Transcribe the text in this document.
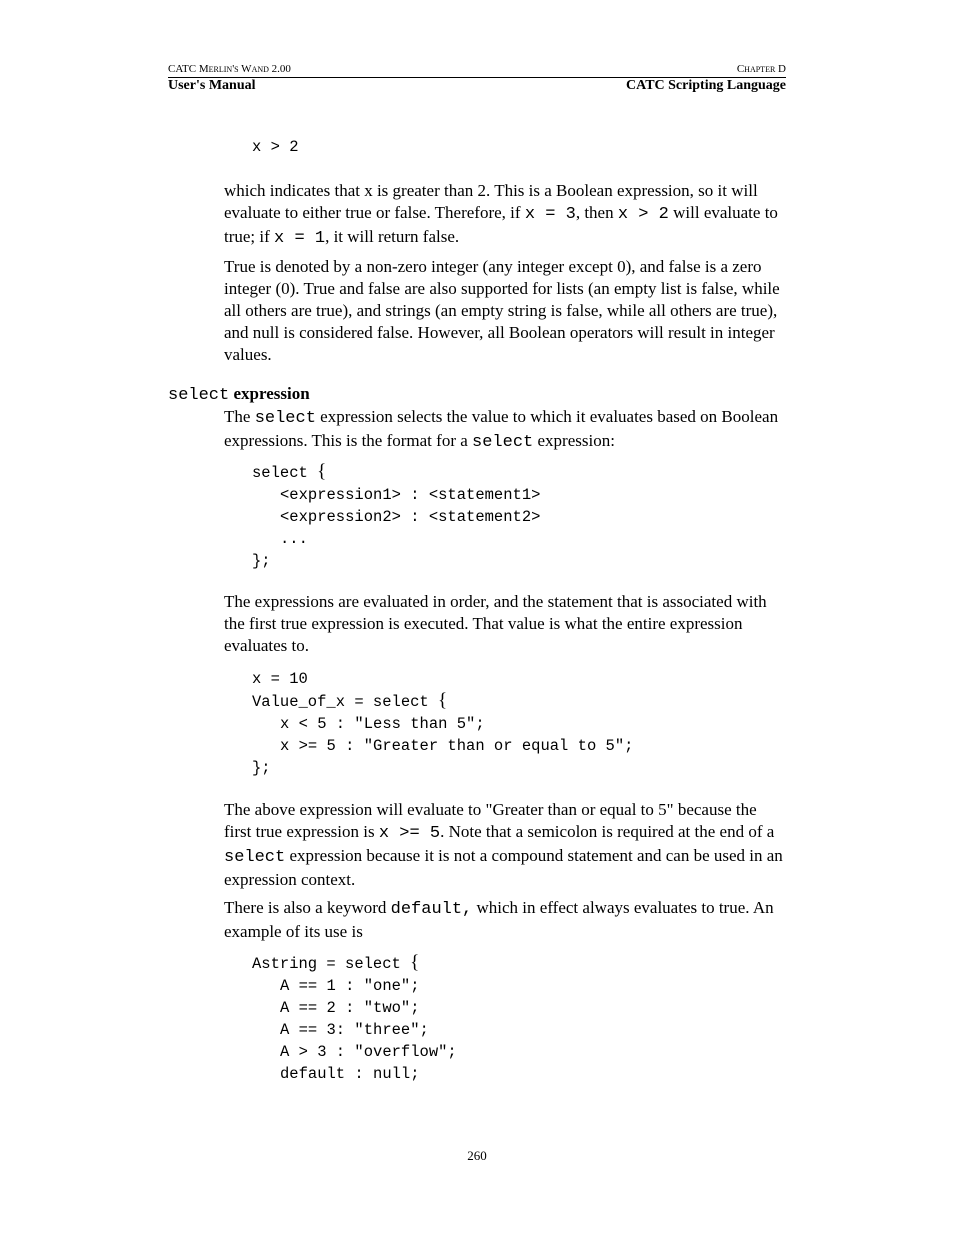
CATC Merlin's Wand 2.00	Chapter D
User's Manual	CATC Scripting Language
x > 2

which indicates that x is greater than 2. This is a Boolean expression, so it will evaluate to either true or false. Therefore, if x = 3, then x > 2 will evaluate to true; if x = 1, it will return false.

True is denoted by a non-zero integer (any integer except 0), and false is a zero integer (0). True and false are also supported for lists (an empty list is false, while all others are true), and strings (an empty string is false, while all others are true), and null is considered false. However, all Boolean operators will result in integer values.

select expression

The select expression selects the value to which it evaluates based on Boolean expressions. This is the format for a select expression:

select {
<expression1> : <statement1>
<expression2> : <statement2>
...
};

The expressions are evaluated in order, and the statement that is associated with the first true expression is executed. That value is what the entire expression evaluates to.

x = 10
Value_of_x = select {
x < 5 : "Less than 5";
x >= 5 : "Greater than or equal to 5";
};

The above expression will evaluate to "Greater than or equal to 5" because the first true expression is x >= 5. Note that a semicolon is required at the end of a select expression because it is not a compound statement and can be used in an expression context.

There is also a keyword default, which in effect always evaluates to true. An example of its use is

Astring = select {
A == 1 : "one";
A == 2 : "two";
A == 3: "three";
A > 3 : "overflow";
default : null;
260
